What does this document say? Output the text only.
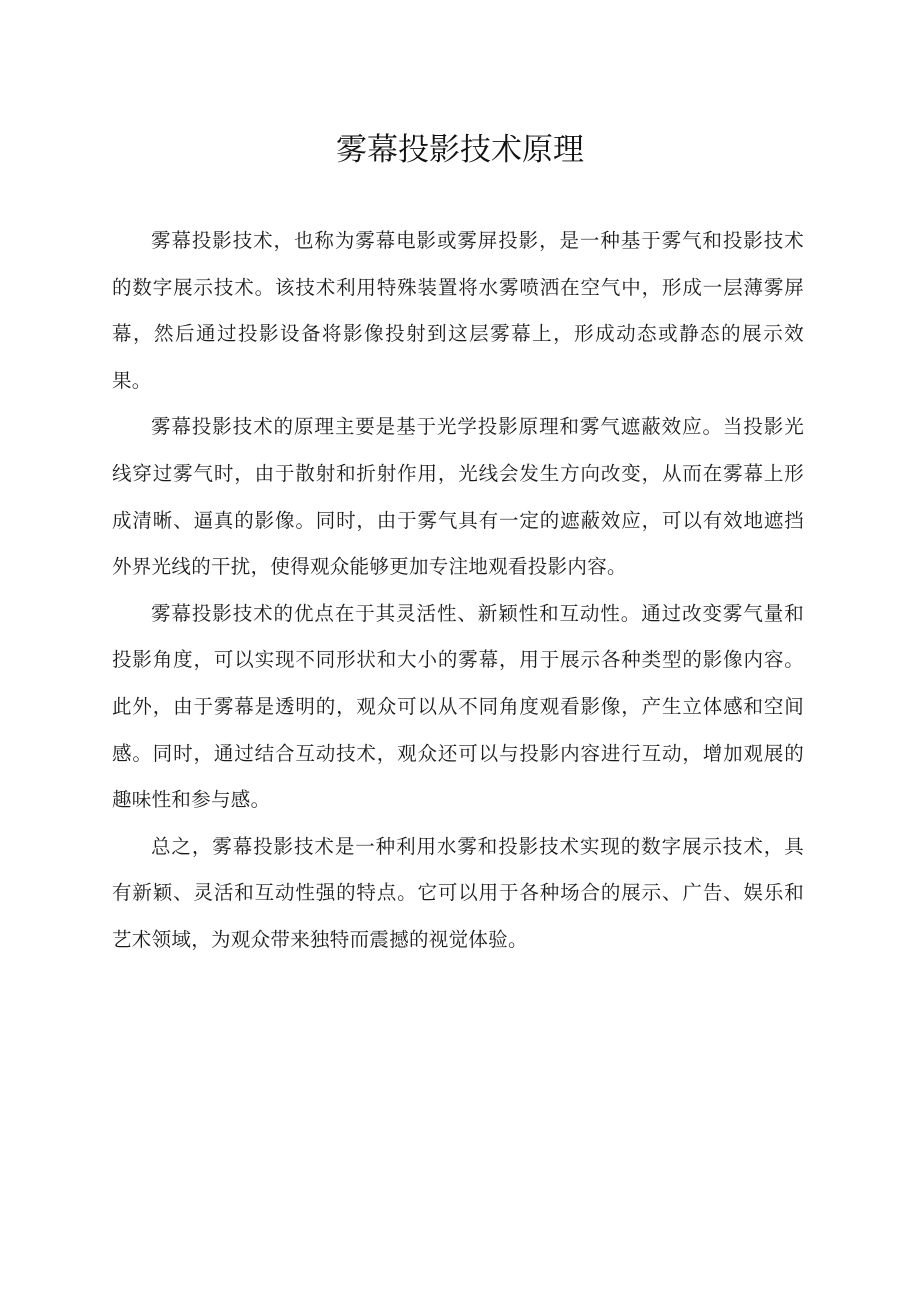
雾幕投影技术原理

雾幕投影技术，也称为雾幕电影或雾屏投影，是一种基于雾气和投影技术的数字展示技术。该技术利用特殊装置将水雾喷洒在空气中，形成一层薄雾屏幕，然后通过投影设备将影像投射到这层雾幕上，形成动态或静态的展示效果。

雾幕投影技术的原理主要是基于光学投影原理和雾气遮蔽效应。当投影光线穿过雾气时，由于散射和折射作用，光线会发生方向改变，从而在雾幕上形成清晰、逼真的影像。同时，由于雾气具有一定的遮蔽效应，可以有效地遮挡外界光线的干扰，使得观众能够更加专注地观看投影内容。

雾幕投影技术的优点在于其灵活性、新颖性和互动性。通过改变雾气量和投影角度，可以实现不同形状和大小的雾幕，用于展示各种类型的影像内容。此外，由于雾幕是透明的，观众可以从不同角度观看影像，产生立体感和空间感。同时，通过结合互动技术，观众还可以与投影内容进行互动，增加观展的趣味性和参与感。

总之，雾幕投影技术是一种利用水雾和投影技术实现的数字展示技术，具有新颖、灵活和互动性强的特点。它可以用于各种场合的展示、广告、娱乐和艺术领域，为观众带来独特而震撼的视觉体验。
